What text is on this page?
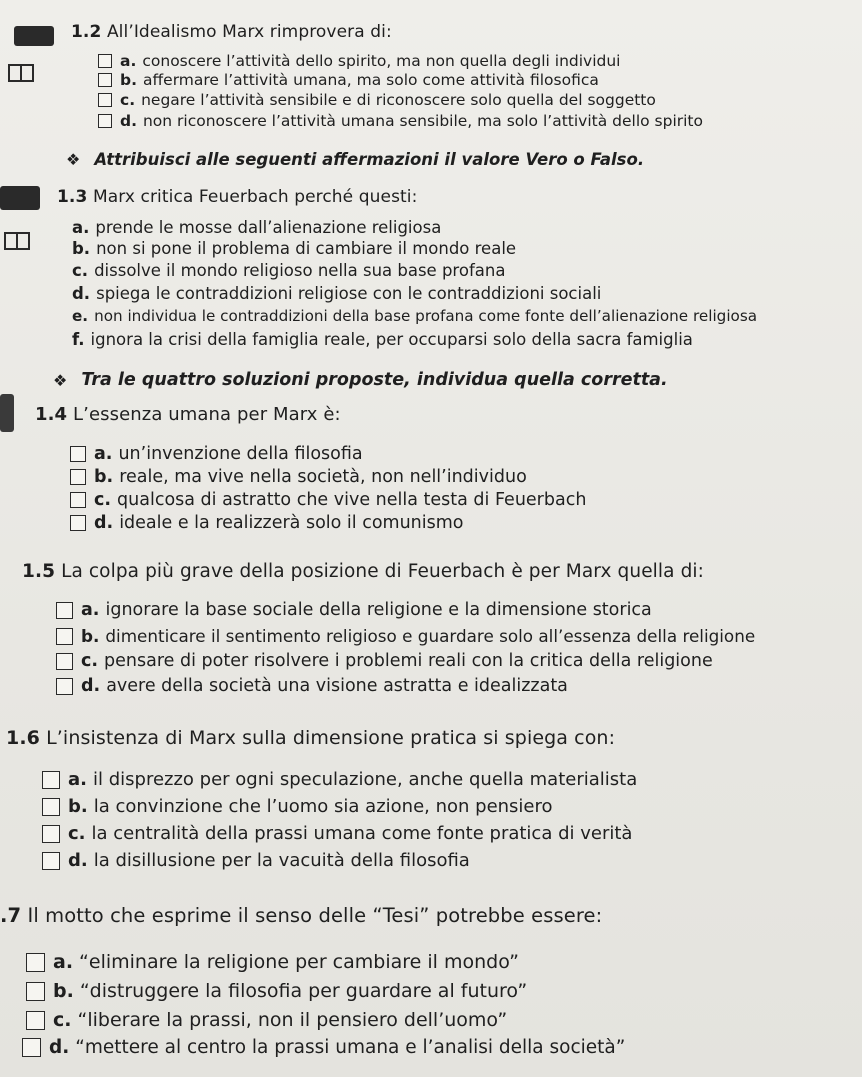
1.2 All’Idealismo Marx rimprovera di:
a. conoscere l’attività dello spirito, ma non quella degli individui
b. affermare l’attività umana, ma solo come attività filosofica
c. negare l’attività sensibile e di riconoscere solo quella del soggetto
d. non riconoscere l’attività umana sensibile, ma solo l’attività dello spirito
❖ Attribuisci alle seguenti affermazioni il valore Vero o Falso.
1.3 Marx critica Feuerbach perché questi:
a. prende le mosse dall’alienazione religiosa
b. non si pone il problema di cambiare il mondo reale
c. dissolve il mondo religioso nella sua base profana
d. spiega le contraddizioni religiose con le contraddizioni sociali
e. non individua le contraddizioni della base profana come fonte dell’alienazione religiosa
f. ignora la crisi della famiglia reale, per occuparsi solo della sacra famiglia
❖ Tra le quattro soluzioni proposte, individua quella corretta.
1.4 L’essenza umana per Marx è:
a. un’invenzione della filosofia
b. reale, ma vive nella società, non nell’individuo
c. qualcosa di astratto che vive nella testa di Feuerbach
d. ideale e la realizzerà solo il comunismo
1.5 La colpa più grave della posizione di Feuerbach è per Marx quella di:
a. ignorare la base sociale della religione e la dimensione storica
b. dimenticare il sentimento religioso e guardare solo all’essenza della religione
c. pensare di poter risolvere i problemi reali con la critica della religione
d. avere della società una visione astratta e idealizzata
1.6 L’insistenza di Marx sulla dimensione pratica si spiega con:
a. il disprezzo per ogni speculazione, anche quella materialista
b. la convinzione che l’uomo sia azione, non pensiero
c. la centralità della prassi umana come fonte pratica di verità
d. la disillusione per la vacuità della filosofia
.7 Il motto che esprime il senso delle “Tesi” potrebbe essere:
a. “eliminare la religione per cambiare il mondo”
b. “distruggere la filosofia per guardare al futuro”
c. “liberare la prassi, non il pensiero dell’uomo”
d. “mettere al centro la prassi umana e l’analisi della società”
